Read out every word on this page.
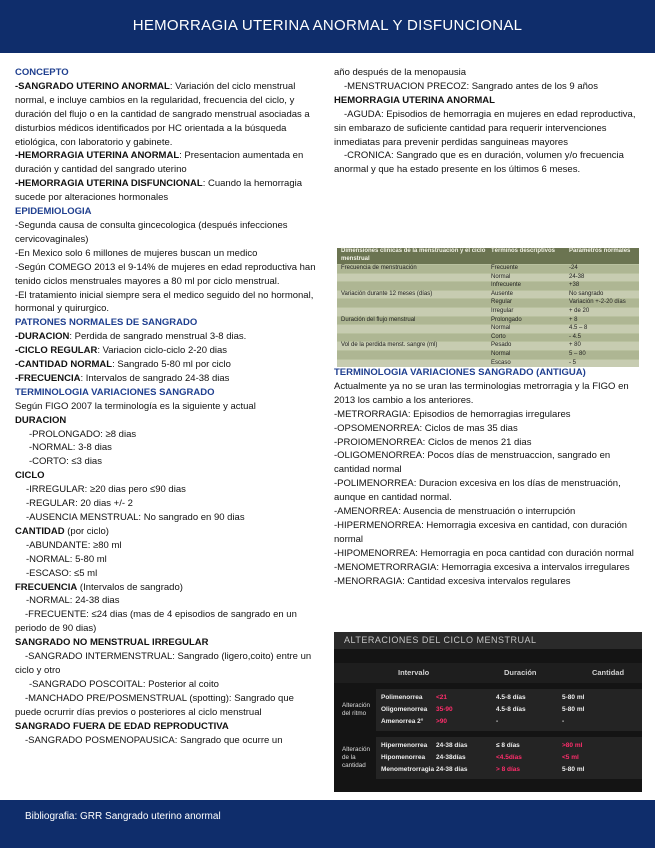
HEMORRAGIA UTERINA ANORMAL Y DISFUNCIONAL

CONCEPTO

-SANGRADO UTERINO ANORMAL: Variación del ciclo menstrual normal, e incluye cambios en la regularidad, frecuencia del ciclo, y duración del flujo o en la cantidad de sangrado menstrual asociadas a disturbios médicos identificados por HC orientada a la búsqueda etiológica, con laboratorio y gabinete.

-HEMORRAGIA UTERINA ANORMAL: Presentacion aumentada en duración y cantidad del sangrado uterino

-HEMORRAGIA UTERINA DISFUNCIONAL: Cuando la hemorragia sucede por alteraciones hormonales

EPIDEMIOLOGIA

-Segunda causa de consulta gincecologica (después infecciones cervicovaginales)

-En Mexico solo 6 millones de mujeres buscan un medico

-Según COMEGO 2013 el 9-14% de mujeres en edad reproductiva han tenido ciclos menstruales mayores a 80 ml por ciclo menstrual.

-El tratamiento inicial siempre sera el medico seguido del no hormonal, hormonal y quirurgico.

PATRONES NORMALES DE SANGRADO

-DURACION: Perdida de sangrado menstrual 3-8 dias.

-CICLO REGULAR: Variacion ciclo-ciclo 2-20 dias

-CANTIDAD NORMAL: Sangrado 5-80 ml por ciclo

-FRECUENCIA: Intervalos de sangrado 24-38 dias

TERMINOLOGIA VARIACIONES SANGRADO

Según FIGO 2007 la terminología es la siguiente y actual

DURACION

-PROLONGADO: ≥8 dias

-NORMAL: 3-8 dias

-CORTO: ≤3 dias

CICLO

-IRREGULAR: ≥20 dias pero ≤90 dias

-REGULAR: 20 dias +/- 2

-AUSENCIA MENSTRUAL: No sangrado en 90 dias

CANTIDAD (por ciclo)

-ABUNDANTE: ≥80 ml

-NORMAL: 5-80 ml

-ESCASO: ≤5 ml

FRECUENCIA (Intervalos de sangrado)

-NORMAL: 24-38 dias

-FRECUENTE: ≤24 dias (mas de 4 episodios de sangrado en un periodo de 90 dias)

SANGRADO NO MENSTRUAL IRREGULAR

-SANGRADO INTERMENSTRUAL: Sangrado (ligero,coito) entre un ciclo y otro

-SANGRADO POSCOITAL: Posterior al coito

-MANCHADO PRE/POSMENSTRUAL (spotting): Sangrado que puede ocrurrir días previos o posteriores al ciclo menstrual

SANGRADO FUERA DE EDAD REPRODUCTIVA

-SANGRADO POSMENOPAUSICA: Sangrado que ocurre un

año después de la menopausia

-MENSTRUACION PRECOZ: Sangrado antes de los 9 años

HEMORRAGIA UTERINA ANORMAL

-AGUDA: Episodios de hemorragia en mujeres en edad reproductiva, sin embarazo de suficiente cantidad para requerir intervenciones inmediatas para prevenir perdidas sanguineas mayores

-CRONICA: Sangrado que es en duración, volumen y/o frecuencia anormal y que ha estado presente en los últimos 6 meses.

Dimensiones clínicas de la menstruación y el ciclo menstrual
Términos descriptivos	Parámetros normales
Frecuencia de menstruación	Frecuente	-24
Normal	24-38
Infrecuente	+38
Variación durante 12 meses (días)	Ausente	No sangrado
Regular	Variación +-2-20 días
Irregular	+ de 20
Duración del flujo menstrual	Prolongado	+ 8
Normal	4.5 – 8
Corto	- 4.5
Vol de la perdida menst. sangre (ml)	Pesado	+ 80
Normal	5 – 80
Escaso	- 5

TERMINOLOGIA VARIACIONES SANGRADO (ANTIGUA)

Actualmente ya no se uran las terminologias metrorragia y la FIGO en 2013 los cambio a los anteriores.

-METRORRAGIA: Episodios de hemorragias irregulares

-OPSOMENORREA: Ciclos de mas 35 dias

-PROIOMENORREA: Ciclos de menos 21 dias

-OLIGOMENORREA: Pocos días de menstruaccion, sangrado en cantidad normal

-POLIMENORREA: Duracion excesiva en los días de menstruación, aunque en cantidad normal.

-AMENORREA: Ausencia de menstruación o interrupción

-HIPERMENORREA: Hemorragia excesiva en cantidad, con duración normal

-HIPOMENORREA: Hemorragia en poca cantidad con duración normal

-MENOMETRORRAGIA: Hemorragia excesiva a intervalos irregulares

-MENORRAGIA: Cantidad excesiva intervalos regulares

ALTERACIONES DEL CICLO MENSTRUAL
Intervalo	Duración	Cantidad
Alteración del ritmo
Polimenorrea	<21	4.5-8 días	5-80 ml
Oligomenorrea	35-90	4.5-8 días	5-80 ml
Amenorrea 2°	>90	-	-
Alteración de la cantidad
Hipermenorrea	24-38 días	≤ 8 días	>80 ml
Hipomenorrea	24-38días	<4.5días	<5 ml
Menometrorragia 24-38 días	> 8 días	5-80 ml
Bibliografia: GRR Sangrado uterino anormal
